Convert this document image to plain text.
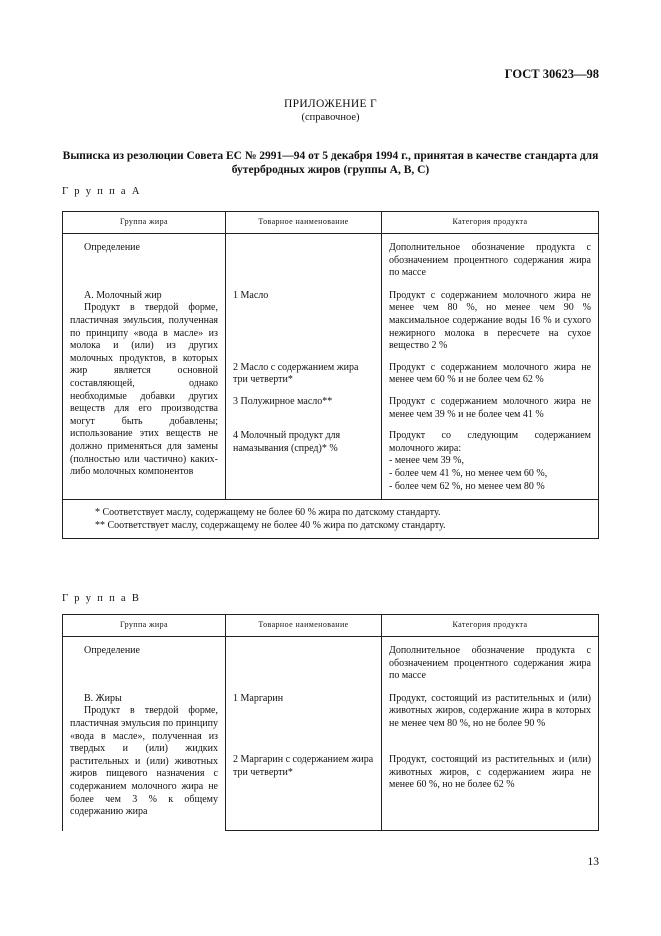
ГОСТ 30623—98
ПРИЛОЖЕНИЕ Г
(справочное)
Выписка из резолюции Совета ЕС № 2991—94 от 5 декабря 1994 г., принятая в качестве стандарта для бутербродных жиров (группы А, В, С)
Г р у п п а А
Группа жира	Товарное наименование	Категория продукта
Определение		Дополнительное обозначение продукта с обозначением процентного содержания жира по массе

А. Молочный жир
Продукт в твердой форме, пластичная эмульсия, полученная по принципу «вода в масле» из молока и (или) из других молочных продуктов, в которых жир является основной составляющей, однако необходимые добавки других веществ для его производства могут быть добавлены; использование этих веществ не должно применяться для замены (полностью или частично) каких-либо молочных компонентов	1 Масло	Продукт с содержанием молочного жира не менее чем 80 %, но менее чем 90 % максимальное содержание воды 16 % и сухого нежирного молока в пересчете на сухое вещество 2 %
	2 Масло с содержанием жира три четверти*	Продукт с содержанием молочного жира не менее чем 60 % и не более чем 62 %
	3 Полужирное масло**	Продукт с содержанием молочного жира не менее чем 39 % и не более чем 41 %
	4 Молочный продукт для намазывания (спред)* %	Продукт со следующим содержанием молочного жира:
- менее чем 39 %,
- более чем 41 %, но менее чем 60 %,
- более чем 62 %, но менее чем 80 %

* Соответствует маслу, содержащему не более 60 % жира по датскому стандарту.
** Соответствует маслу, содержащему не более 40 % жира по датскому стандарту.		
Г р у п п а В
Группа жира	Товарное наименование	Категория продукта
Определение		Дополнительное обозначение продукта с обозначением процентного содержания жира по массе

В. Жиры
Продукт в твердой форме, пластичная эмульсия по принципу «вода в масле», полученная из твердых и (или) жидких растительных и (или) животных жиров пищевого назначения с содержанием молочного жира не более чем 3 % к общему содержанию жира	1 Маргарин	Продукт, состоящий из растительных и (или) животных жиров, содержание жира в которых не менее чем 80 %, но не более 90 %
	2 Маргарин с содержанием жира три четверти*	Продукт, состоящий из растительных и (или) животных жиров, с содержанием жира не менее 60 %, но не более 62 %
13
